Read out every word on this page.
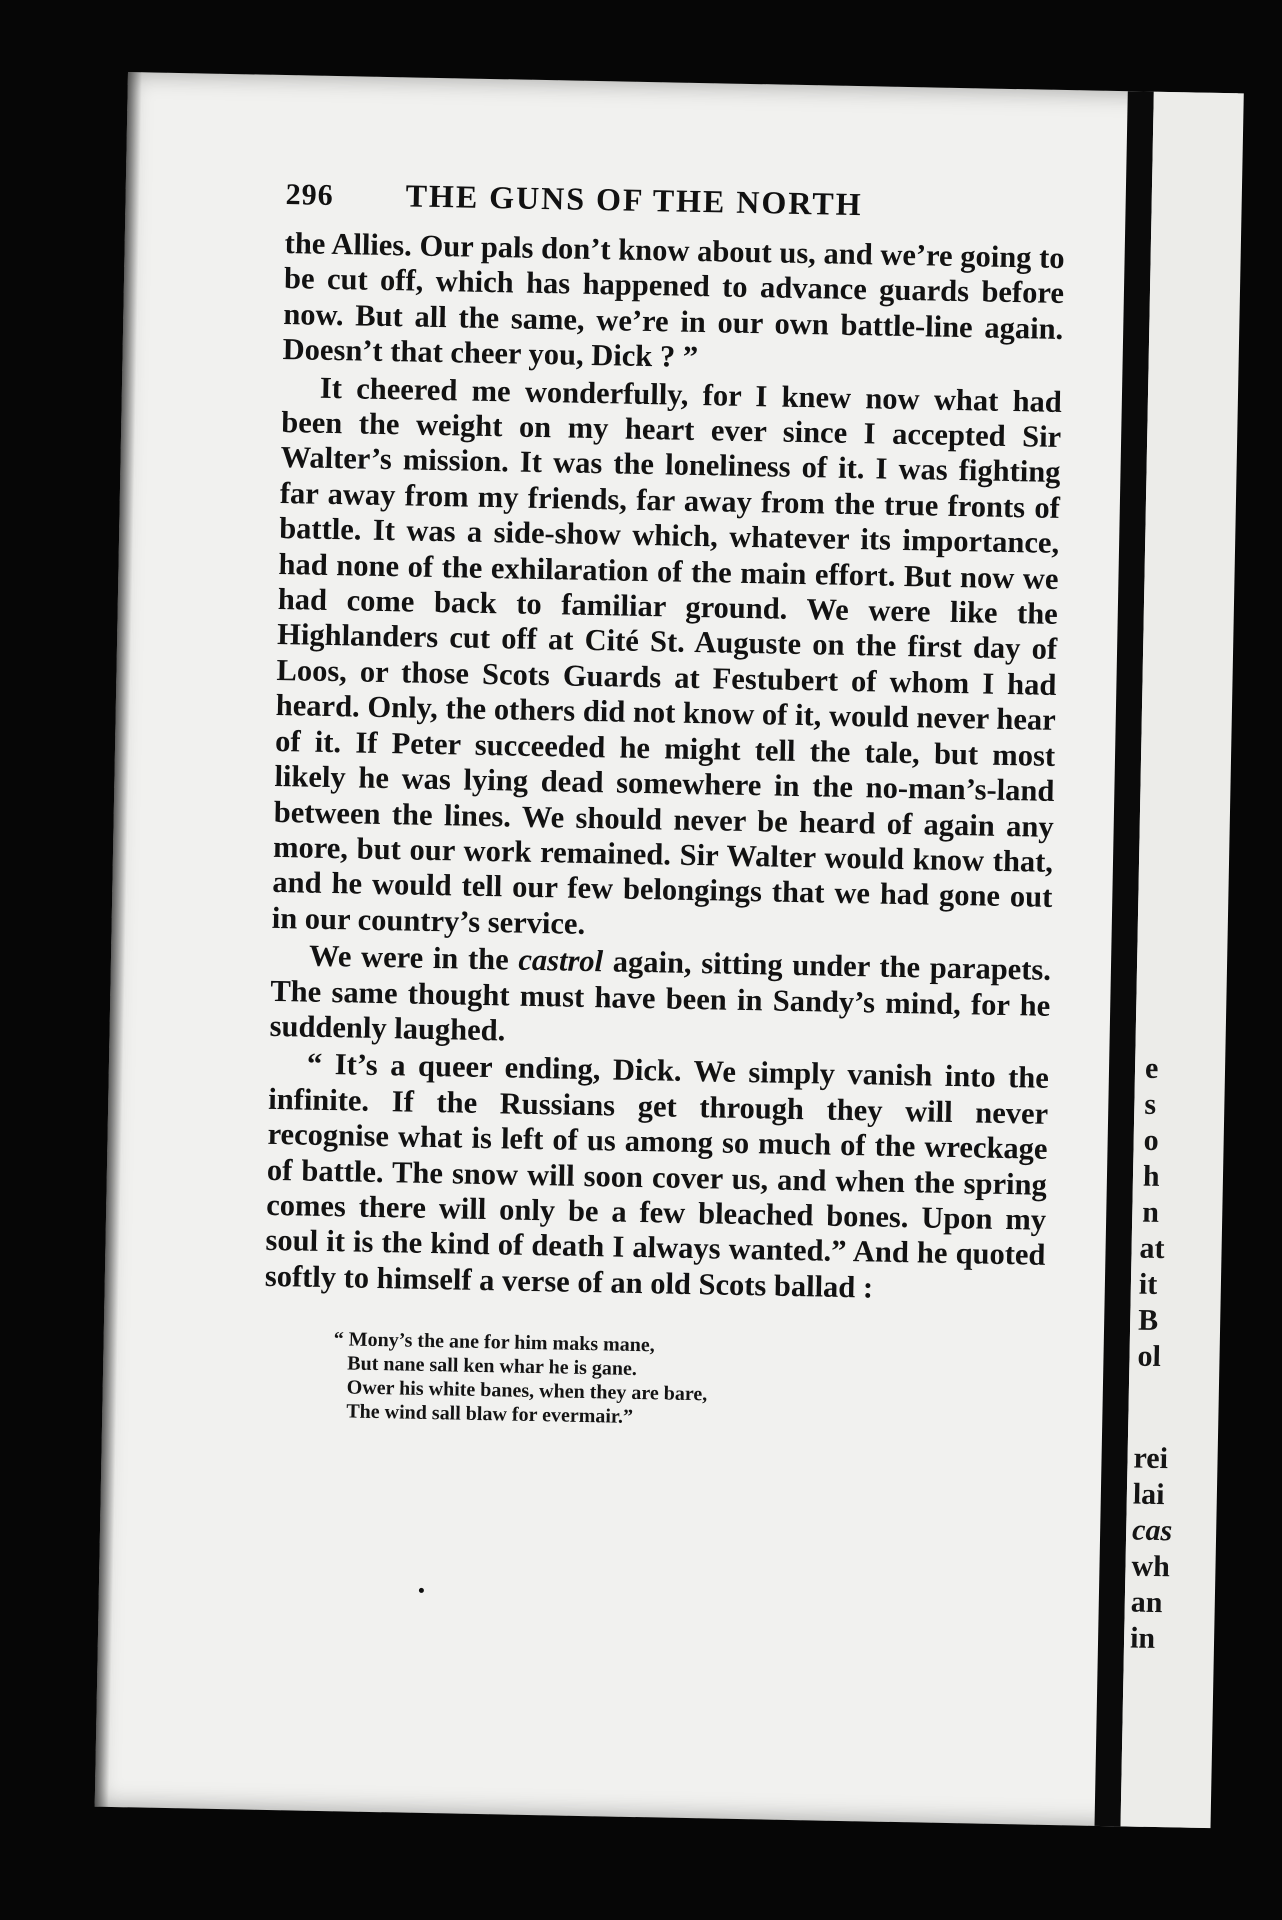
296	THE GUNS OF THE NORTH

the Allies. Our pals don’t know about us, and we’re going to be cut off, which has happened to advance guards before now. But all the same, we’re in our own battle-line again. Doesn’t that cheer you, Dick ? ”

It cheered me wonderfully, for I knew now what had been the weight on my heart ever since I accepted Sir Walter’s mission. It was the loneliness of it. I was fighting far away from my friends, far away from the true fronts of battle. It was a side-show which, whatever its importance, had none of the exhilaration of the main effort. But now we had come back to familiar ground. We were like the Highlanders cut off at Cité St. Auguste on the first day of Loos, or those Scots Guards at Festubert of whom I had heard. Only, the others did not know of it, would never hear of it. If Peter succeeded he might tell the tale, but most likely he was lying dead somewhere in the no-man’s-land between the lines. We should never be heard of again any more, but our work remained. Sir Walter would know that, and he would tell our few belongings that we had gone out in our country’s service.

We were in the castrol again, sitting under the parapets. The same thought must have been in Sandy’s mind, for he suddenly laughed.

“ It’s a queer ending, Dick. We simply vanish into the infinite. If the Russians get through they will never recognise what is left of us among so much of the wreckage of battle. The snow will soon cover us, and when the spring comes there will only be a few bleached bones. Upon my soul it is the kind of death I always wanted.” And he quoted softly to himself a verse of an old Scots ballad :

“ Mony’s the ane for him maks mane,
But nane sall ken whar he is gane.
Ower his white banes, when they are bare,
The wind sall blaw for evermair.”
e
s
o
h
n
at
it
B
ol
rei
lai
cas
wh
an
in
